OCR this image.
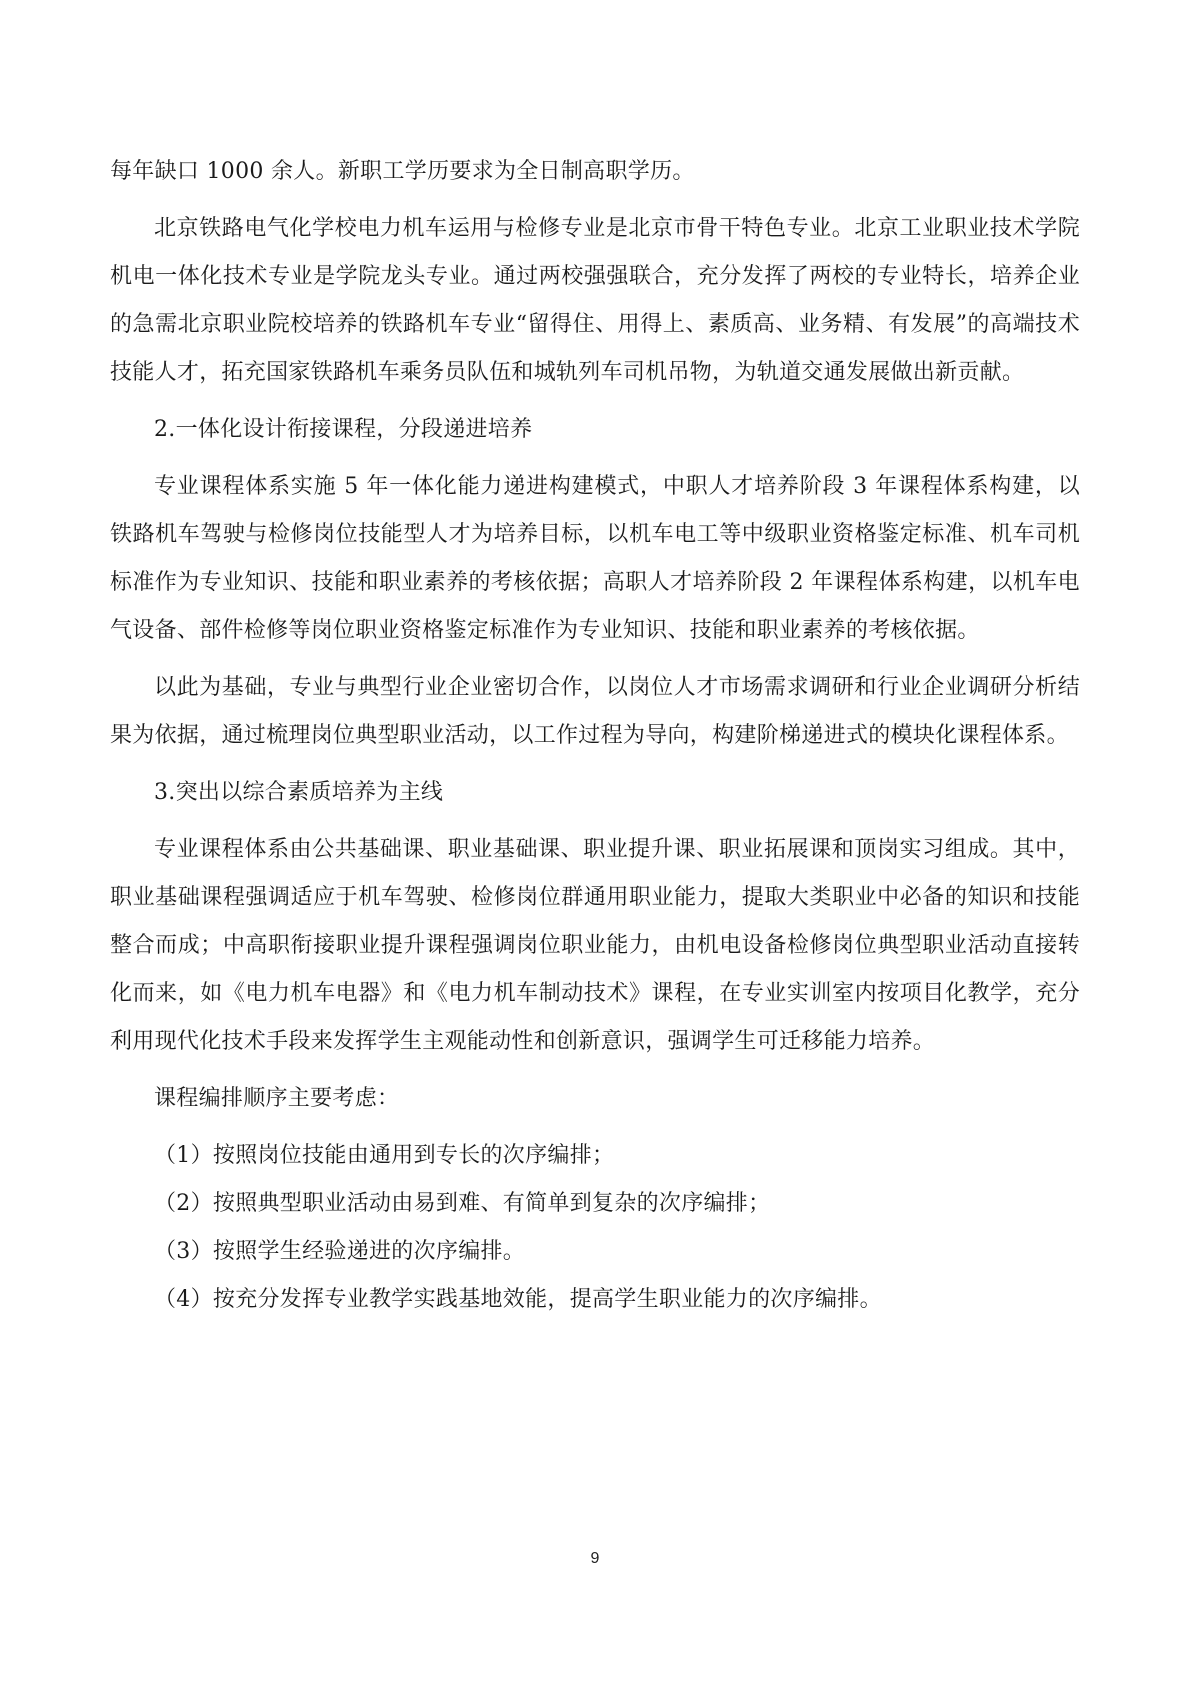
每年缺口 1000 余人。新职工学历要求为全日制高职学历。

北京铁路电气化学校电力机车运用与检修专业是北京市骨干特色专业。北京工业职业技术学院机电一体化技术专业是学院龙头专业。通过两校强强联合，充分发挥了两校的专业特长，培养企业的急需北京职业院校培养的铁路机车专业“留得住、用得上、素质高、业务精、有发展”的高端技术技能人才，拓充国家铁路机车乘务员队伍和城轨列车司机吊物，为轨道交通发展做出新贡献。

2.一体化设计衔接课程，分段递进培养

专业课程体系实施 5 年一体化能力递进构建模式，中职人才培养阶段 3 年课程体系构建，以铁路机车驾驶与检修岗位技能型人才为培养目标，以机车电工等中级职业资格鉴定标准、机车司机标准作为专业知识、技能和职业素养的考核依据；高职人才培养阶段 2 年课程体系构建，以机车电气设备、部件检修等岗位职业资格鉴定标准作为专业知识、技能和职业素养的考核依据。

以此为基础，专业与典型行业企业密切合作，以岗位人才市场需求调研和行业企业调研分析结果为依据，通过梳理岗位典型职业活动，以工作过程为导向，构建阶梯递进式的模块化课程体系。

3.突出以综合素质培养为主线

专业课程体系由公共基础课、职业基础课、职业提升课、职业拓展课和顶岗实习组成。其中，职业基础课程强调适应于机车驾驶、检修岗位群通用职业能力，提取大类职业中必备的知识和技能整合而成；中高职衔接职业提升课程强调岗位职业能力，由机电设备检修岗位典型职业活动直接转化而来，如《电力机车电器》和《电力机车制动技术》课程，在专业实训室内按项目化教学，充分利用现代化技术手段来发挥学生主观能动性和创新意识，强调学生可迁移能力培养。

课程编排顺序主要考虑：

（1）按照岗位技能由通用到专长的次序编排；

（2）按照典型职业活动由易到难、有简单到复杂的次序编排；

（3）按照学生经验递进的次序编排。

（4）按充分发挥专业教学实践基地效能，提高学生职业能力的次序编排。

9
